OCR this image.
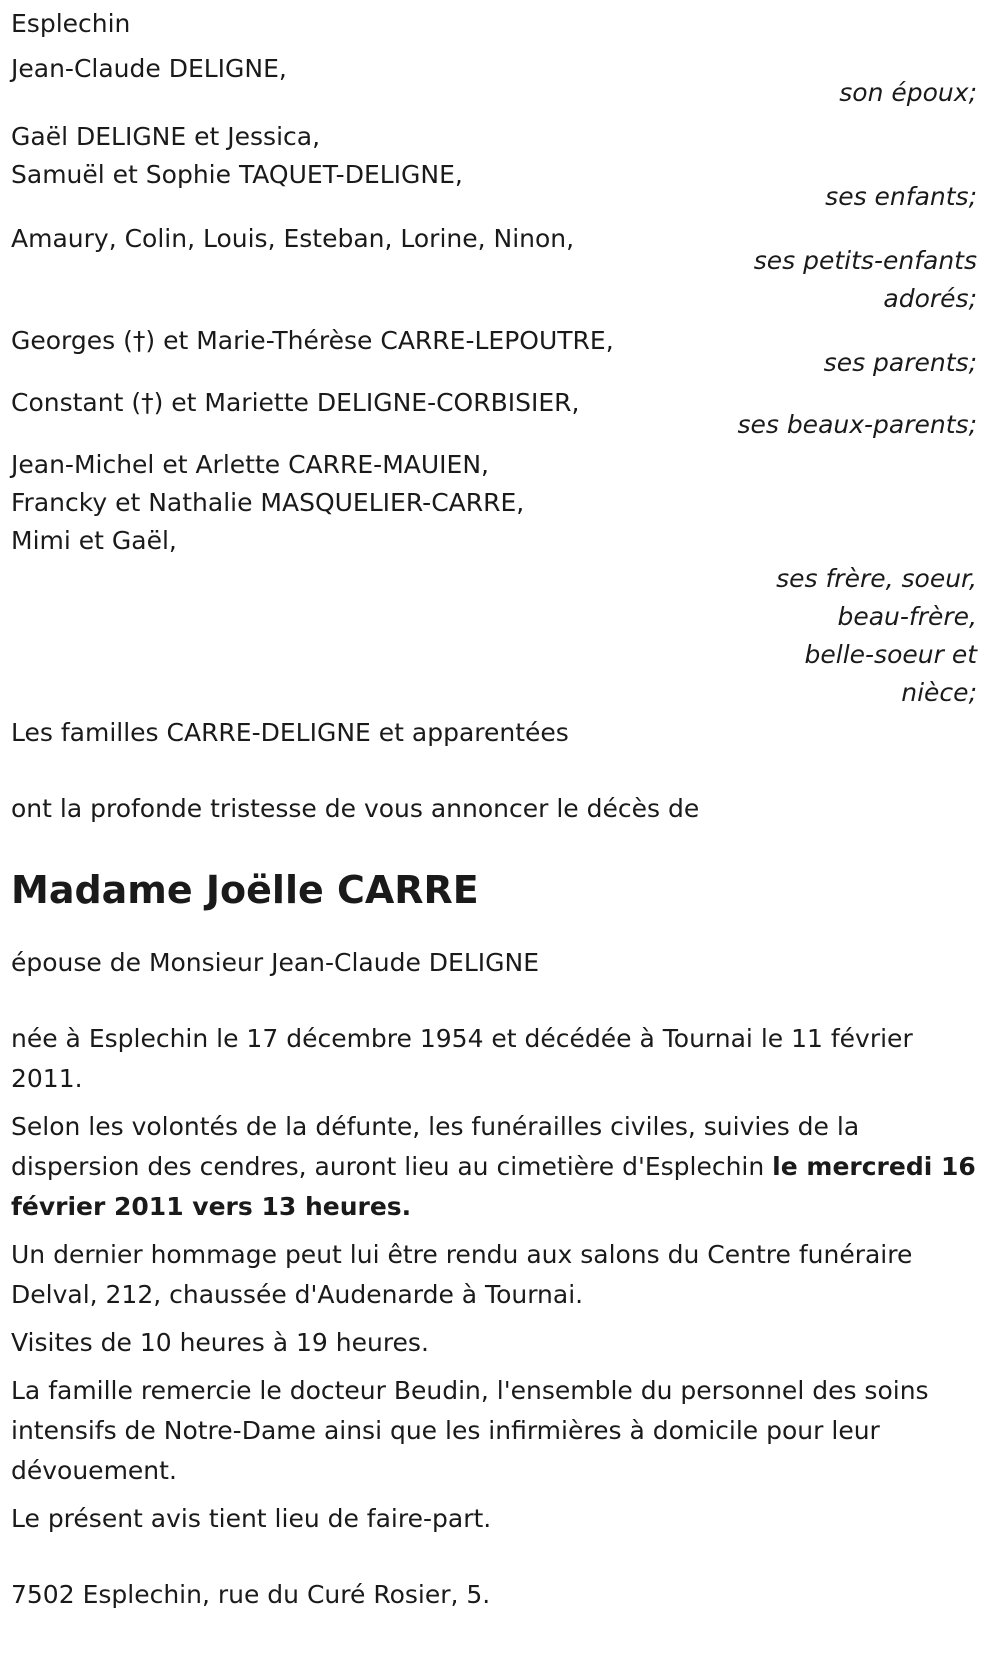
Esplechin
Jean-Claude DELIGNE,
son époux;
Gaël DELIGNE et Jessica,
Samuël et Sophie TAQUET-DELIGNE,
ses enfants;
Amaury, Colin, Louis, Esteban, Lorine, Ninon,
ses petits-enfants
adorés;
Georges (†) et Marie-Thérèse CARRE-LEPOUTRE,
ses parents;
Constant (†) et Mariette DELIGNE-CORBISIER,
ses beaux-parents;
Jean-Michel et Arlette CARRE-MAUIEN,
Francky et Nathalie MASQUELIER-CARRE,
Mimi et Gaël,
ses frère, soeur,
beau-frère,
belle-soeur et
nièce;
Les familles CARRE-DELIGNE et apparentées
ont la profonde tristesse de vous annoncer le décès de
Madame Joëlle CARRE
épouse de Monsieur Jean-Claude DELIGNE
née à Esplechin le 17 décembre 1954 et décédée à Tournai le 11 février 2011.
Selon les volontés de la défunte, les funérailles civiles, suivies de la dispersion des cendres, auront lieu au cimetière d'Esplechin le mercredi 16 février 2011 vers 13 heures.
Un dernier hommage peut lui être rendu aux salons du Centre funéraire Delval, 212, chaussée d'Audenarde à Tournai.
Visites de 10 heures à 19 heures.
La famille remercie le docteur Beudin, l'ensemble du personnel des soins intensifs de Notre-Dame ainsi que les infirmières à domicile pour leur dévouement.
Le présent avis tient lieu de faire-part.
7502 Esplechin, rue du Curé Rosier, 5.
